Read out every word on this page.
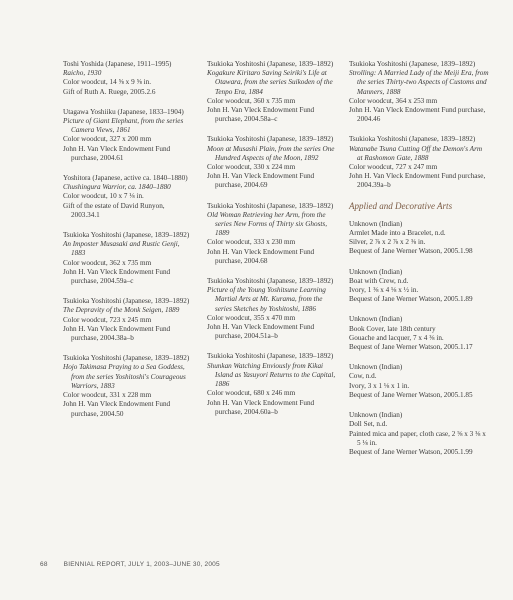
Toshi Yoshida (Japanese, 1911–1995)
Raicho, 1930
Color woodcut, 14 ⅝ x 9 ⅝ in.
Gift of Ruth A. Ruege, 2005.2.6
Utagawa Yoshiiku (Japanese, 1833–1904)
Picture of Giant Elephant, from the series Camera Views, 1861
Color woodcut, 327 x 200 mm
John H. Van Vleck Endowment Fund purchase, 2004.61
Yoshitora (Japanese, active ca. 1840–1880)
Chushingura Warrior, ca. 1840–1880
Color woodcut, 10 x 7 ⅛ in.
Gift of the estate of David Runyon, 2003.34.1
Tsukioka Yoshitoshi (Japanese, 1839–1892)
An Imposter Musasaki and Rustic Genji, 1883
Color woodcut, 362 x 735 mm
John H. Van Vleck Endowment Fund purchase, 2004.59a–c
Tsukioka Yoshitoshi (Japanese, 1839–1892)
The Depravity of the Monk Seigen, 1889
Color woodcut, 723 x 245 mm
John H. Van Vleck Endowment Fund purchase, 2004.38a–b
Tsukioka Yoshitoshi (Japanese, 1839–1892)
Hojo Takimasa Praying to a Sea Goddess, from the series Yoshitoshi's Courageous Warriors, 1883
Color woodcut, 331 x 228 mm
John H. Van Vleck Endowment Fund purchase, 2004.50
Tsukioka Yoshitoshi (Japanese, 1839–1892)
Kogakure Kiritaro Saving Seiriki's Life at Otawara, from the series Suikoden of the Tenpo Era, 1884
Color woodcut, 360 x 735 mm
John H. Van Vleck Endowment Fund purchase, 2004.58a–c
Tsukioka Yoshitoshi (Japanese, 1839–1892)
Moon at Musashi Plain, from the series One Hundred Aspects of the Moon, 1892
Color woodcut, 330 x 224 mm
John H. Van Vleck Endowment Fund purchase, 2004.69
Tsukioka Yoshitoshi (Japanese, 1839–1892)
Old Woman Retrieving her Arm, from the series New Forms of Thirty six Ghosts, 1889
Color woodcut, 333 x 230 mm
John H. Van Vleck Endowment Fund purchase, 2004.68
Tsukioka Yoshitoshi (Japanese, 1839–1892)
Picture of the Young Yoshitsune Learning Martial Arts at Mt. Kurama, from the series Sketches by Yoshitoshi, 1886
Color woodcut, 355 x 470 mm
John H. Van Vleck Endowment Fund purchase, 2004.51a–b
Tsukioka Yoshitoshi (Japanese, 1839–1892)
Shunkan Watching Enviously from Kikai Island as Yasuyori Returns to the Capital, 1886
Color woodcut, 680 x 246 mm
John H. Van Vleck Endowment Fund purchase, 2004.60a–b
Tsukioka Yoshitoshi (Japanese, 1839–1892)
Strolling: A Married Lady of the Meiji Era, from the series Thirty-two Aspects of Customs and Manners, 1888
Color woodcut, 364 x 253 mm
John H. Van Vleck Endowment Fund purchase, 2004.46
Tsukioka Yoshitoshi (Japanese, 1839–1892)
Watanabe Tsuna Cutting Off the Demon's Arm at Rashomon Gate, 1888
Color woodcut, 727 x 247 mm
John H. Van Vleck Endowment Fund purchase, 2004.39a–b
Applied and Decorative Arts
Unknown (Indian)
Armlet Made into a Bracelet, n.d.
Silver, 2 ⅞ x 2 ⅞ x 2 ⅜ in.
Bequest of Jane Werner Watson, 2005.1.98
Unknown (Indian)
Boat with Crew, n.d.
Ivory, 1 ⅜ x 4 ⅛ x ½ in.
Bequest of Jane Werner Watson, 2005.1.89
Unknown (Indian)
Book Cover, late 18th century
Gouache and lacquer, 7 x 4 ⅜ in.
Bequest of Jane Werner Watson, 2005.1.17
Unknown (Indian)
Cow, n.d.
Ivory, 3 x 1 ⅛ x 1 in.
Bequest of Jane Werner Watson, 2005.1.85
Unknown (Indian)
Doll Set, n.d.
Painted mica and paper, cloth case, 2 ⅝ x 3 ⅜ x 5 ⅛ in.
Bequest of Jane Werner Watson, 2005.1.99
68 BIENNIAL REPORT, JULY 1, 2003–JUNE 30, 2005
